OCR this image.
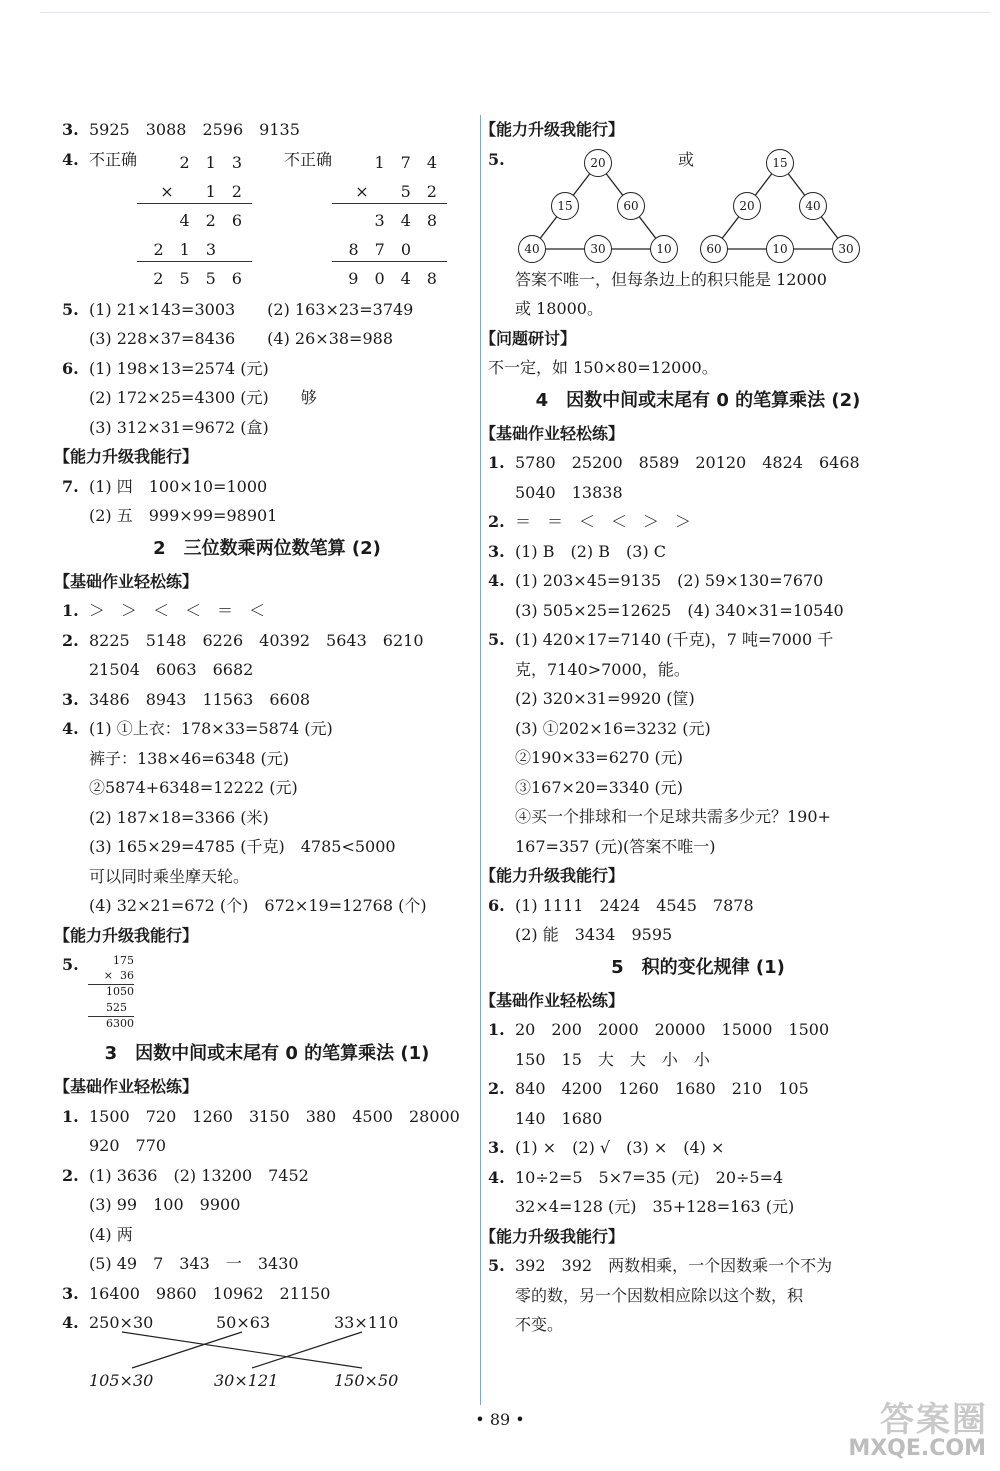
3. 5925　3088　2596　9135
4. 不正确	不正确
2　1　3
×　　1　2
4　2　6
2　1　3
2　5　5　6
1　7　4
×　　5　2
3　4　8
8　7　0
9　0　4　8
5. (1) 21×143=3003　　(2) 163×23=3749
(3) 228×37=8436　　(4) 26×38=988
6. (1) 198×13=2574 (元)
(2) 172×25=4300 (元)　　够
(3) 312×31=9672 (盒)
【能力升级我能行】
7. (1) 四　100×10=1000
(2) 五　999×99=98901
2　三位数乘两位数笔算 (2)
【基础作业轻松练】
1. ＞　＞　＜　＜　＝　＜
2. 8225　5148　6226　40392　5643　6210
21504　6063　6682
3. 3486　8943　11563　6608
4. (1) ①上衣：178×33=5874 (元)
裤子：138×46=6348 (元)
②5874+6348=12222 (元)
(2) 187×18=3366 (米)
(3) 165×29=4785 (千克)　4785<5000
可以同时乘坐摩天轮。
(4) 32×21=672 (个)　672×19=12768 (个)
【能力升级我能行】
5.	175
×  36
1050
525
6300
3　因数中间或末尾有 0 的笔算乘法 (1)
【基础作业轻松练】
1. 1500　720　1260　3150　380　4500　28000
920　770
2. (1) 3636　(2) 13200　7452
(3) 99　100　9900
(4) 两
(5) 49　7　343　一　3430
3. 16400　9860　10962　21150
4. 250×30	50×63	33×110
105×30	30×121	150×50
【能力升级我能行】
5.	或
20
15	60
40	30	10
15
20	40
60	10	30
答案不唯一，但每条边上的积只能是 12000
或 18000。
【问题研讨】
不一定，如 150×80=12000。
4　因数中间或末尾有 0 的笔算乘法 (2)
【基础作业轻松练】
1. 5780　25200　8589　20120　4824　6468
5040　13838
2. ＝　＝　＜　＜　＞　＞
3. (1) B　(2) B　(3) C
4. (1) 203×45=9135　(2) 59×130=7670
(3) 505×25=12625　(4) 340×31=10540
5. (1) 420×17=7140 (千克)，7 吨=7000 千
克，7140>7000，能。
(2) 320×31=9920 (筐)
(3) ①202×16=3232 (元)
②190×33=6270 (元)
③167×20=3340 (元)
④买一个排球和一个足球共需多少元？190+
167=357 (元)(答案不唯一)
【能力升级我能行】
6. (1) 1111　2424　4545　7878
(2) 能　3434　9595
5　积的变化规律 (1)
【基础作业轻松练】
1. 20　200　2000　20000　15000　1500
150　15　大　大　小　小
2. 840　4200　1260　1680　210　105
140　1680
3. (1) ×　(2) √　(3) ×　(4) ×
4. 10÷2=5　5×7=35 (元)　20÷5=4
32×4=128 (元)　35+128=163 (元)
【能力升级我能行】
5. 392　392　两数相乘，一个因数乘一个不为
零的数，另一个因数相应除以这个数，积
不变。
• 89 •	答案圈
MXQE.COM
